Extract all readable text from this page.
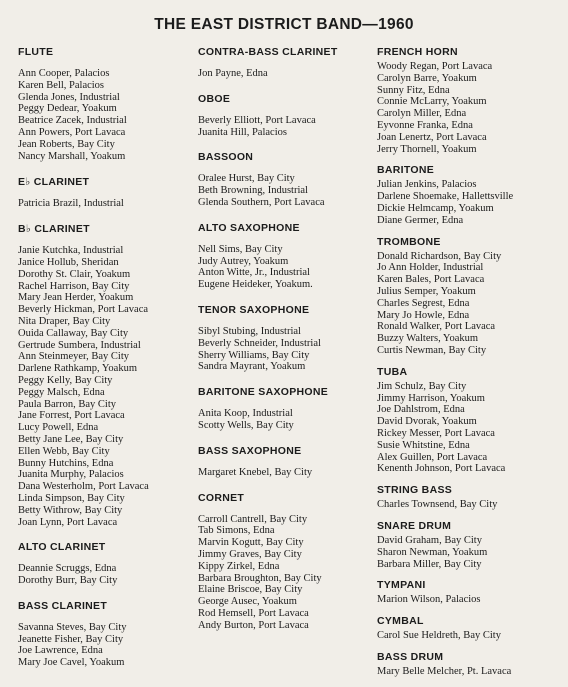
THE EAST DISTRICT BAND—1960
FLUTE
Ann Cooper, Palacios
Karen Bell, Palacios
Glenda Jones, Industrial
Peggy Dedear, Yoakum
Beatrice Zacek, Industrial
Ann Powers, Port Lavaca
Jean Roberts, Bay City
Nancy Marshall, Yoakum
E♭ CLARINET
Patricia Brazil, Industrial
B♭ CLARINET
Janie Kutchka, Industrial
Janice Hollub, Sheridan
Dorothy St. Clair, Yoakum
Rachel Harrison, Bay City
Mary Jean Herder, Yoakum
Beverly Hickman, Port Lavaca
Nita Draper, Bay City
Ouida Callaway, Bay City
Gertrude Sumbera, Industrial
Ann Steinmeyer, Bay City
Darlene Rathkamp, Yoakum
Peggy Kelly, Bay City
Peggy Malsch, Edna
Paula Barron, Bay City
Jane Forrest, Port Lavaca
Lucy Powell, Edna
Betty Jane Lee, Bay City
Ellen Webb, Bay City
Bunny Hutchins, Edna
Juanita Murphy, Palacios
Dana Westerholm, Port Lavaca
Linda Simpson, Bay City
Betty Withrow, Bay City
Joan Lynn, Port Lavaca
ALTO CLARINET
Deannie Scruggs, Edna
Dorothy Burr, Bay City
BASS CLARINET
Savanna Steves, Bay City
Jeanette Fisher, Bay City
Joe Lawrence, Edna
Mary Joe Cavel, Yoakum
CONTRA-BASS CLARINET
Jon Payne, Edna
OBOE
Beverly Elliott, Port Lavaca
Juanita Hill, Palacios
BASSOON
Oralee Hurst, Bay City
Beth Browning, Industrial
Glenda Southern, Port Lavaca
ALTO SAXOPHONE
Nell Sims, Bay City
Judy Autrey, Yoakum
Anton Witte, Jr., Industrial
Eugene Heideker, Yoakum.
TENOR SAXOPHONE
Sibyl Stubing, Industrial
Beverly Schneider, Industrial
Sherry Williams, Bay City
Sandra Mayrant, Yoakum
BARITONE SAXOPHONE
Anita Koop, Industrial
Scotty Wells, Bay City
BASS SAXOPHONE
Margaret Knebel, Bay City
CORNET
Carroll Cantrell, Bay City
Tab Simons, Edna
Marvin Kogutt, Bay City
Jimmy Graves, Bay City
Kippy Zirkel, Edna
Barbara Broughton, Bay City
Elaine Briscoe, Bay City
George Ausec, Yoakum
Rod Hemsell, Port Lavaca
Andy Burton, Port Lavaca
FRENCH HORN
Woody Regan, Port Lavaca
Carolyn Barre, Yoakum
Sunny Fitz, Edna
Connie McLarry, Yoakum
Carolyn Miller, Edna
Eyvonne Franka, Edna
Joan Lenertz, Port Lavaca
Jerry Thornell, Yoakum
BARITONE
Julian Jenkins, Palacios
Darlene Shoemake, Hallettsville
Dickie Helmcamp, Yoakum
Diane Germer, Edna
TROMBONE
Donald Richardson, Bay City
Jo Ann Holder, Industrial
Karen Bales, Port Lavaca
Julius Semper, Yoakum
Charles Segrest, Edna
Mary Jo Howle, Edna
Ronald Walker, Port Lavaca
Buzzy Walters, Yoakum
Curtis Newman, Bay City
TUBA
Jim Schulz, Bay City
Jimmy Harrison, Yoakum
Joe Dahlstrom, Edna
David Dvorak, Yoakum
Rickey Messer, Port Lavaca
Susie Whitstine, Edna
Alex Guillen, Port Lavaca
Kenenth Johnson, Port Lavaca
STRING BASS
Charles Townsend, Bay City
SNARE DRUM
David Graham, Bay City
Sharon Newman, Yoakum
Barbara Miller, Bay City
TYMPANI
Marion Wilson, Palacios
CYMBAL
Carol Sue Heldreth, Bay City
BASS DRUM
Mary Belle Melcher, Pt. Lavaca
